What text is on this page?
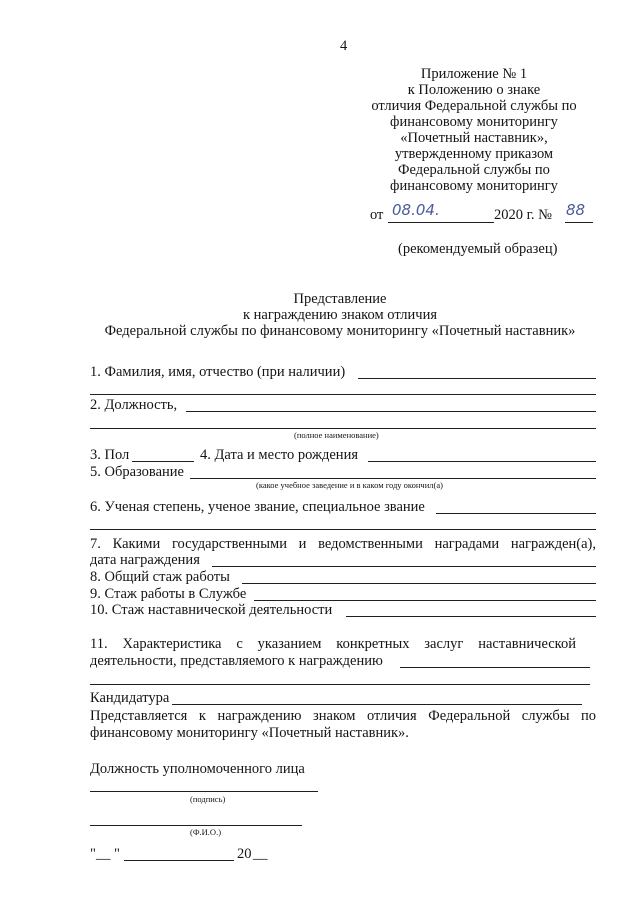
4
Приложение № 1
к Положению о знаке
отличия Федеральной службы по
финансовому мониторингу
«Почетный наставник»,
утвержденному приказом
Федеральной службы по
финансовому мониторингу
от 08.04.	2020 г. № 88
(рекомендуемый образец)
Представление
к награждению знаком отличия
Федеральной службы по финансовому мониторингу «Почетный наставник»
1. Фамилия, имя, отчество (при наличии)
2. Должность,
(полное наименование)
3. Пол	4. Дата и место рождения
5. Образование
(какое учебное заведение и в каком году окончил(а)
6. Ученая степень, ученое звание, специальное звание
7. Какими государственными и ведомственными наградами награжден(а),
дата награждения
8. Общий стаж работы
9. Стаж работы в Службе
10. Стаж наставнической деятельности
11. Характеристика с указанием конкретных заслуг наставнической
деятельности, представляемого к награждению
Кандидатура
Представляется к награждению знаком отличия Федеральной службы по
финансовому мониторингу «Почетный наставник».
Должность уполномоченного лица
(подпись)
(Ф.И.О.)
" __ "	20 __
